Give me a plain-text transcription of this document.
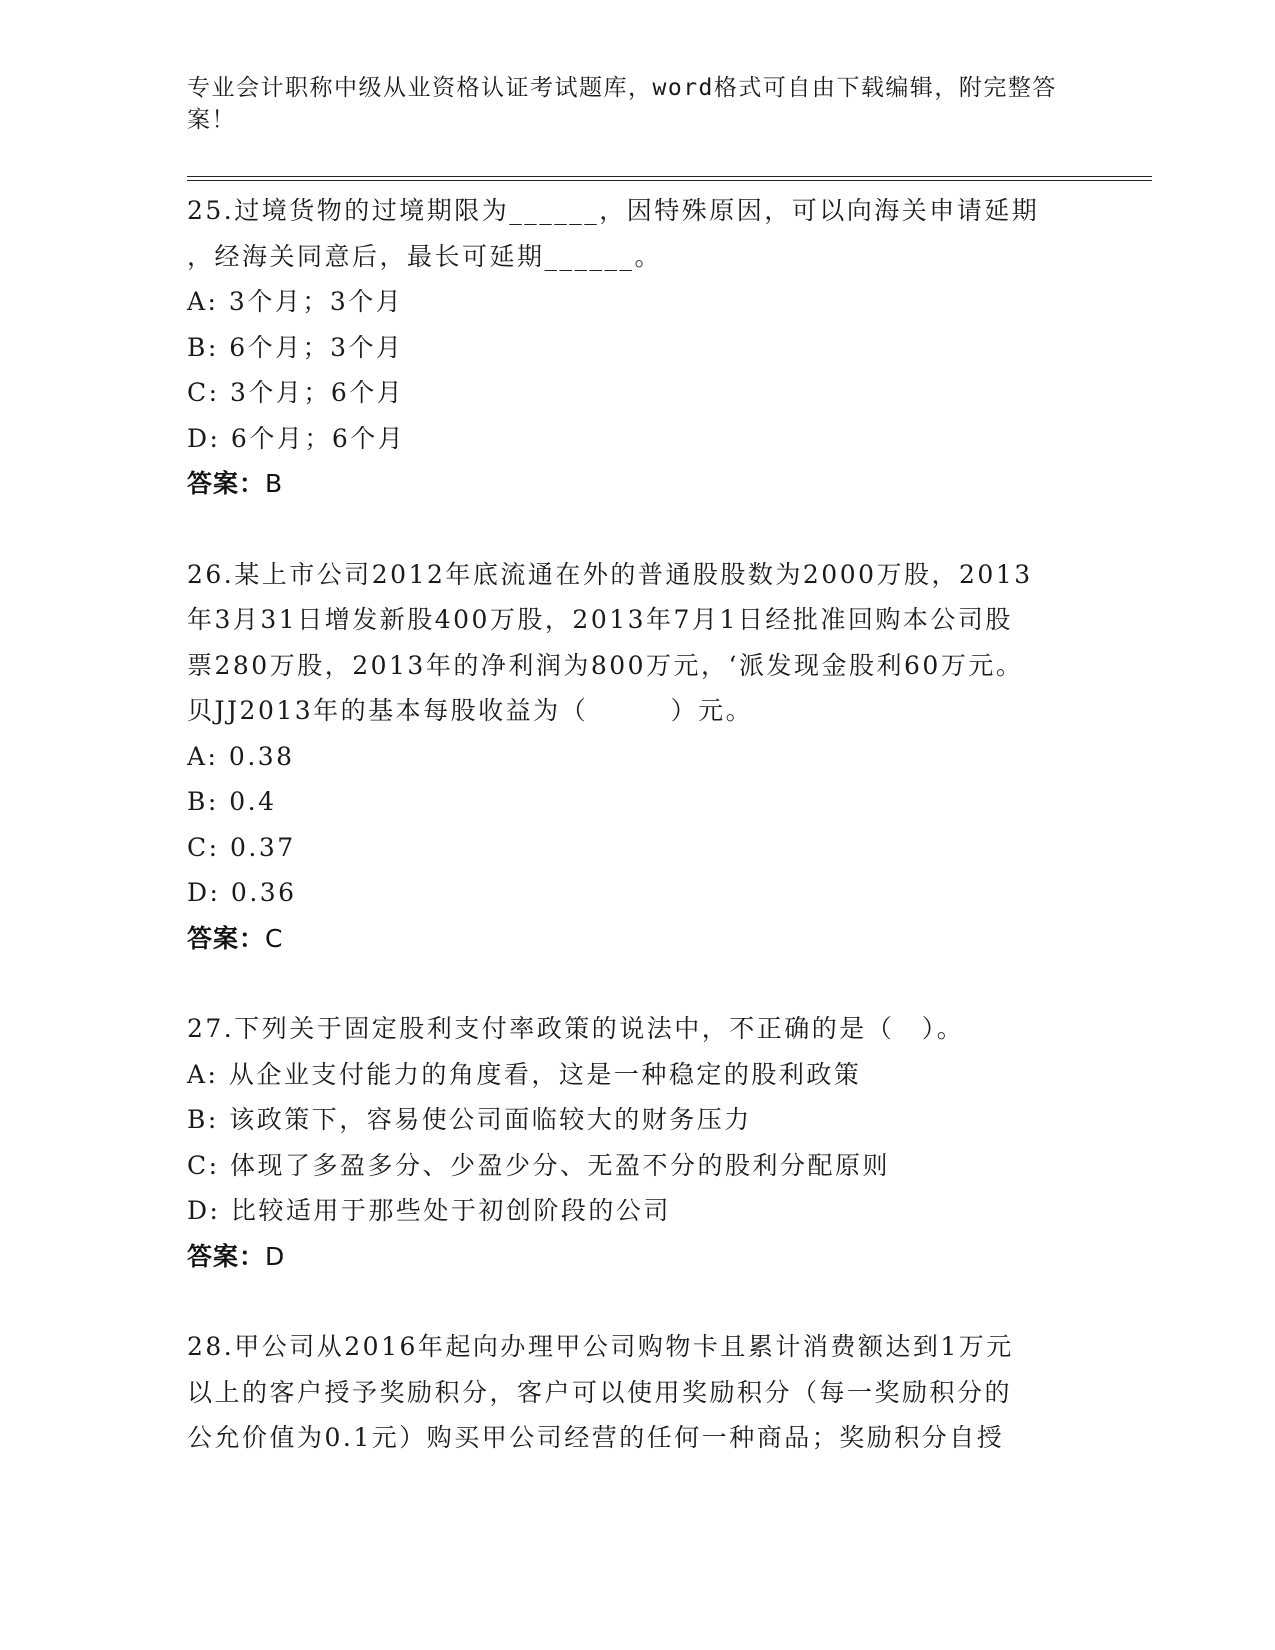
专业会计职称中级从业资格认证考试题库，word格式可自由下载编辑，附完整答案！
25.过境货物的过境期限为______，因特殊原因，可以向海关申请延期
，经海关同意后，最长可延期______。
A: 3个月；3个月
B: 6个月；3个月
C: 3个月；6个月
D: 6个月；6个月
答案：B
26.某上市公司2012年底流通在外的普通股股数为2000万股，2013
年3月31日增发新股400万股，2013年7月1日经批准回购本公司股
票280万股，2013年的净利润为800万元，‘派发现金股利60万元。
贝JJ2013年的基本每股收益为（　　　）元。
A: 0.38
B: 0.4
C: 0.37
D: 0.36
答案：C
27.下列关于固定股利支付率政策的说法中，不正确的是（　）。
A: 从企业支付能力的角度看，这是一种稳定的股利政策
B: 该政策下，容易使公司面临较大的财务压力
C: 体现了多盈多分、少盈少分、无盈不分的股利分配原则
D: 比较适用于那些处于初创阶段的公司
答案：D
28.甲公司从2016年起向办理甲公司购物卡且累计消费额达到1万元
以上的客户授予奖励积分，客户可以使用奖励积分（每一奖励积分的
公允价值为0.1元）购买甲公司经营的任何一种商品；奖励积分自授
